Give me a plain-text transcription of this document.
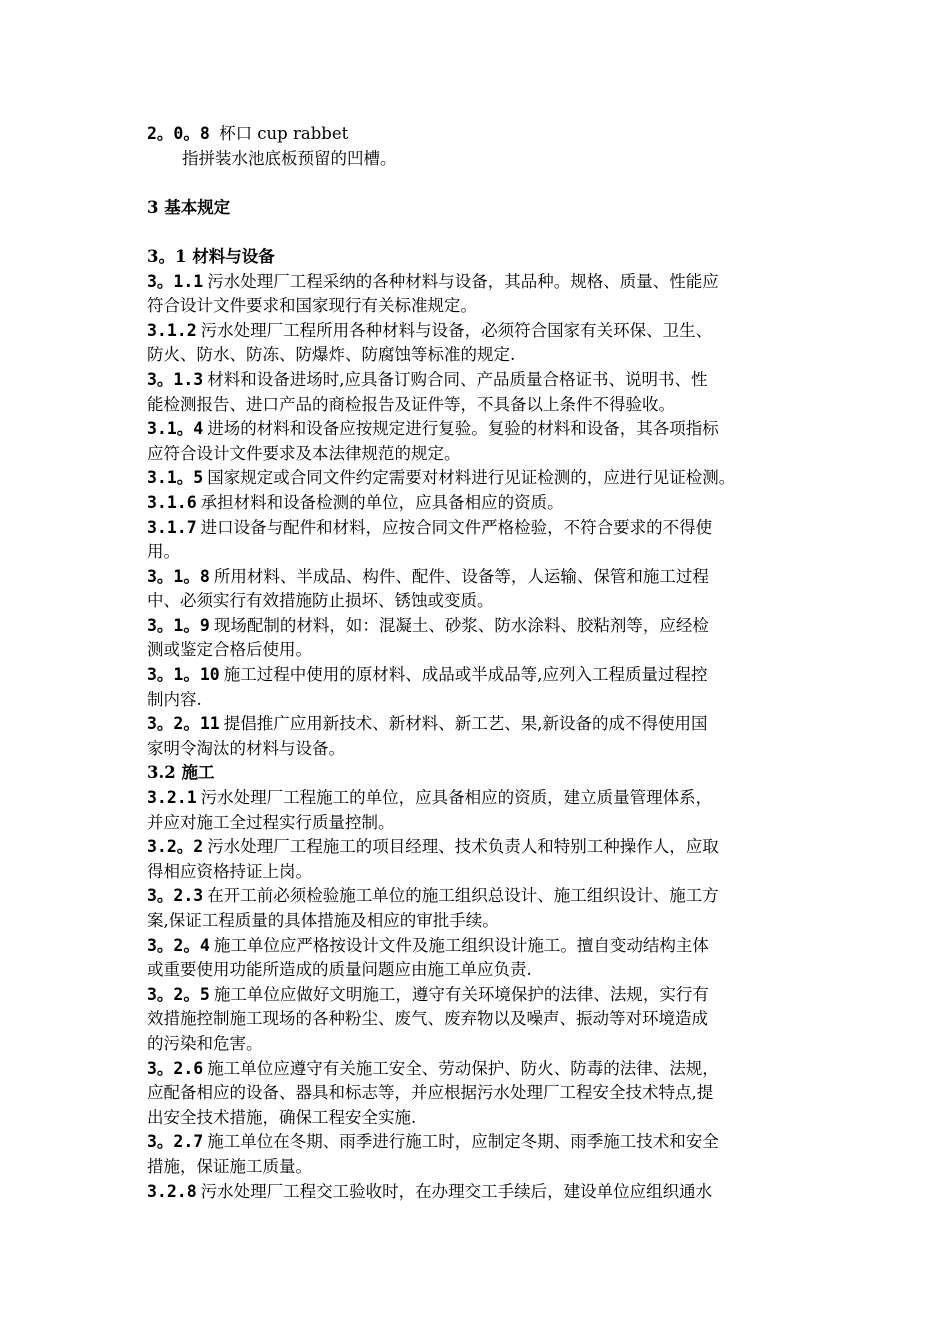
2。0。8 杯口 cup rabbet
指拼装水池底板预留的凹槽。
3 基本规定
3。1 材料与设备
3。1.1 污水处理厂工程采纳的各种材料与设备，其品种。规格、质量、性能应
符合设计文件要求和国家现行有关标准规定。
3.1.2 污水处理厂工程所用各种材料与设备，必须符合国家有关环保、卫生、
防火、防水、防冻、防爆炸、防腐蚀等标准的规定.
3。1.3 材料和设备进场时,应具备订购合同、产品质量合格证书、说明书、性
能检测报告、进口产品的商检报告及证件等，不具备以上条件不得验收。
3.1。4 进场的材料和设备应按规定进行复验。复验的材料和设备，其各项指标
应符合设计文件要求及本法律规范的规定。
3.1。5 国家规定或合同文件约定需要对材料进行见证检测的，应进行见证检测。
3.1.6 承担材料和设备检测的单位，应具备相应的资质。
3.1.7 进口设备与配件和材料，应按合同文件严格检验，不符合要求的不得使
用。
3。1。8 所用材料、半成品、构件、配件、设备等，人运输、保管和施工过程
中、必须实行有效措施防止损坏、锈蚀或变质。
3。1。9 现场配制的材料，如：混凝土、砂浆、防水涂料、胶粘剂等，应经检
测或鉴定合格后使用。
3。1。10 施工过程中使用的原材料、成品或半成品等,应列入工程质量过程控
制内容.
3。2。11 提倡推广应用新技术、新材料、新工艺、果,新设备的成不得使用国
家明令淘汰的材料与设备。
3.2 施工
3.2.1 污水处理厂工程施工的单位，应具备相应的资质，建立质量管理体系，
并应对施工全过程实行质量控制。
3.2。2 污水处理厂工程施工的项目经理、技术负责人和特别工种操作人，应取
得相应资格持证上岗。
3。2.3 在开工前必须检验施工单位的施工组织总设计、施工组织设计、施工方
案,保证工程质量的具体措施及相应的审批手续。
3。2。4 施工单位应严格按设计文件及施工组织设计施工。擅自变动结构主体
或重要使用功能所造成的质量问题应由施工单应负责.
3。2。5 施工单位应做好文明施工，遵守有关环境保护的法律、法规，实行有
效措施控制施工现场的各种粉尘、废气、废弃物以及噪声、振动等对环境造成
的污染和危害。
3。2.6 施工单位应遵守有关施工安全、劳动保护、防火、防毒的法律、法规，
应配备相应的设备、器具和标志等，并应根据污水处理厂工程安全技术特点,提
出安全技术措施，确保工程安全实施.
3。2.7 施工单位在冬期、雨季进行施工时，应制定冬期、雨季施工技术和安全
措施，保证施工质量。
3.2.8 污水处理厂工程交工验收时，在办理交工手续后，建设单位应组织通水
